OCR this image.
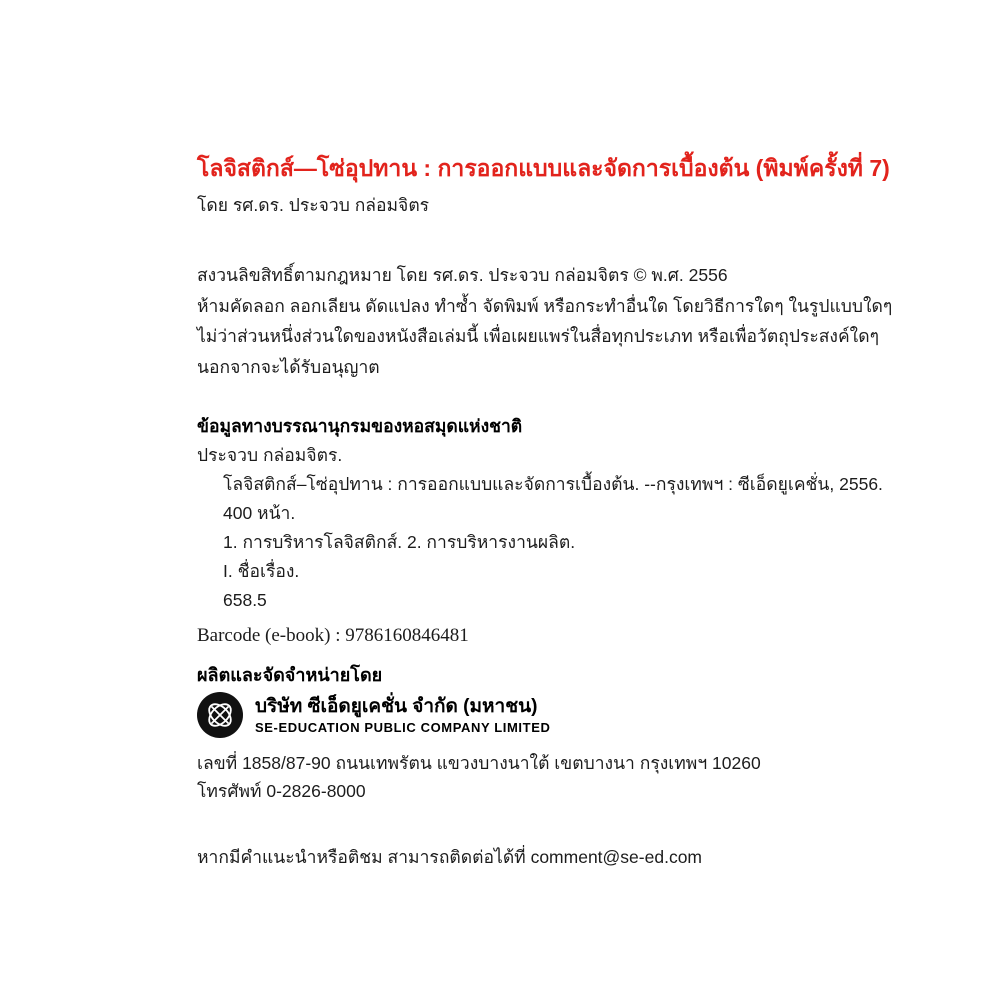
โลจิสติกส์—โซ่อุปทาน : การออกแบบและจัดการเบื้องต้น (พิมพ์ครั้งที่ 7)
โดย รศ.ดร. ประจวบ กล่อมจิตร
สงวนลิขสิทธิ์ตามกฎหมาย โดย รศ.ดร. ประจวบ กล่อมจิตร © พ.ศ. 2556
ห้ามคัดลอก ลอกเลียน ดัดแปลง ทำซ้ำ จัดพิมพ์ หรือกระทำอื่นใด โดยวิธีการใดๆ ในรูปแบบใดๆ
ไม่ว่าส่วนหนึ่งส่วนใดของหนังสือเล่มนี้ เพื่อเผยแพร่ในสื่อทุกประเภท หรือเพื่อวัตถุประสงค์ใดๆ
นอกจากจะได้รับอนุญาต
ข้อมูลทางบรรณานุกรมของหอสมุดแห่งชาติ
ประจวบ กล่อมจิตร.
โลจิสติกส์–โซ่อุปทาน : การออกแบบและจัดการเบื้องต้น. --กรุงเทพฯ : ซีเอ็ดยูเคชั่น, 2556.
400 หน้า.
1. การบริหารโลจิสติกส์. 2. การบริหารงานผลิต.
I. ชื่อเรื่อง.
658.5
Barcode (e-book) : 9786160846481
ผลิตและจัดจำหน่ายโดย
บริษัท ซีเอ็ดยูเคชั่น จำกัด (มหาชน)
SE-EDUCATION PUBLIC COMPANY LIMITED
เลขที่ 1858/87-90 ถนนเทพรัตน แขวงบางนาใต้ เขตบางนา กรุงเทพฯ 10260
โทรศัพท์ 0-2826-8000
หากมีคำแนะนำหรือติชม สามารถติดต่อได้ที่ comment@se-ed.com
